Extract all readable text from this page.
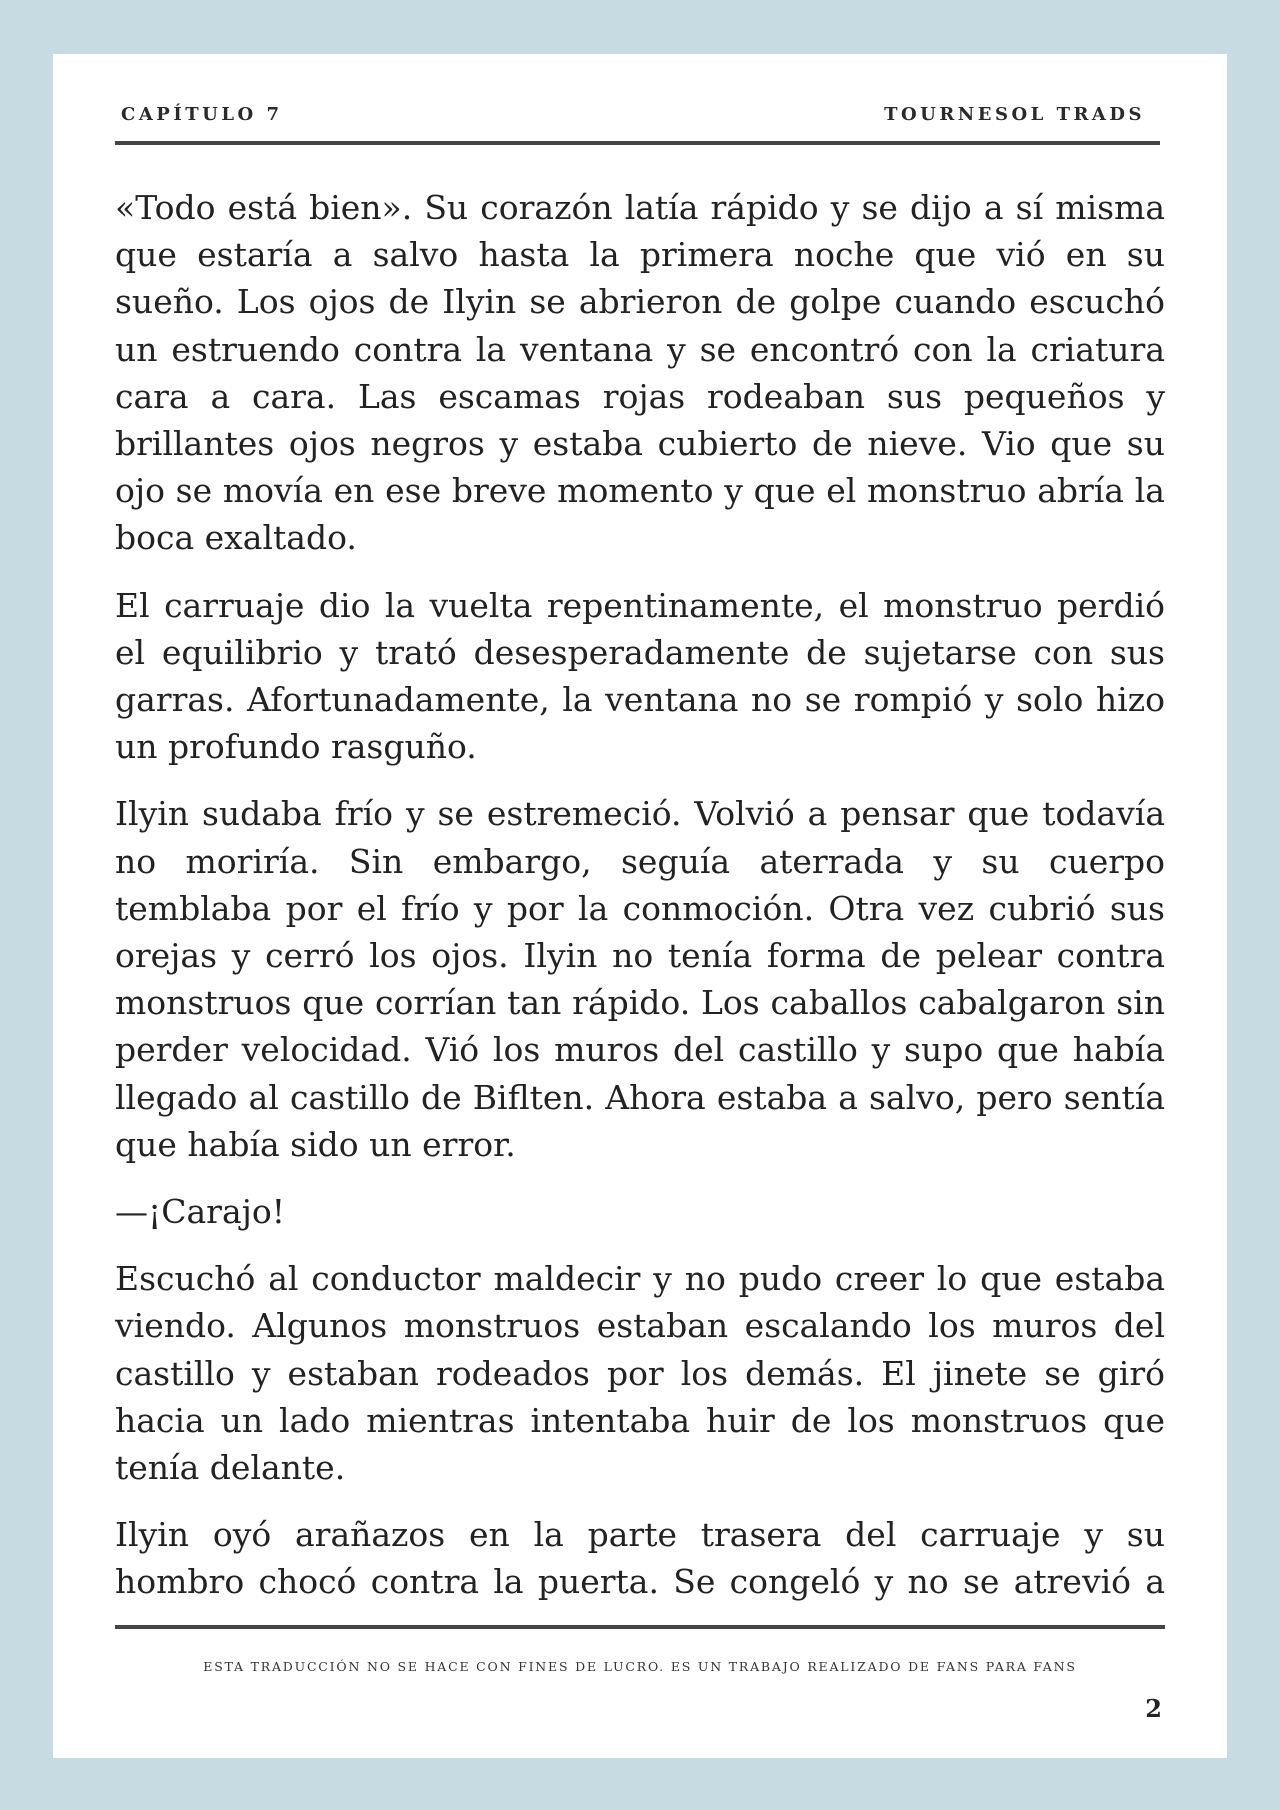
CAPÍTULO 7	TOURNESOL TRADS

«Todo está bien». Su corazón latía rápido y se dijo a sí misma que estaría a salvo hasta la primera noche que vió en su sueño. Los ojos de Ilyin se abrieron de golpe cuando escuchó un estruendo contra la ventana y se encontró con la criatura cara a cara. Las escamas rojas rodeaban sus pequeños y brillantes ojos negros y estaba cubierto de nieve. Vio que su ojo se movía en ese breve momento y que el monstruo abría la boca exaltado.

El carruaje dio la vuelta repentinamente, el monstruo perdió el equilibrio y trató desesperadamente de sujetarse con sus garras. Afortunadamente, la ventana no se rompió y solo hizo un profundo rasguño.

Ilyin sudaba frío y se estremeció. Volvió a pensar que todavía no moriría. Sin embargo, seguía aterrada y su cuerpo temblaba por el frío y por la conmoción. Otra vez cubrió sus orejas y cerró los ojos. Ilyin no tenía forma de pelear contra monstruos que corrían tan rápido. Los caballos cabalgaron sin perder velocidad. Vió los muros del castillo y supo que había llegado al castillo de Biflten. Ahora estaba a salvo, pero sentía que había sido un error.

—¡Carajo!

Escuchó al conductor maldecir y no pudo creer lo que estaba viendo. Algunos monstruos estaban escalando los muros del castillo y estaban rodeados por los demás. El jinete se giró hacia un lado mientras intentaba huir de los monstruos que tenía delante.

Ilyin oyó arañazos en la parte trasera del carruaje y su hombro chocó contra la puerta. Se congeló y no se atrevió a

ESTA TRADUCCIÓN NO SE HACE CON FINES DE LUCRO. ES UN TRABAJO REALIZADO DE FANS PARA FANS
2
